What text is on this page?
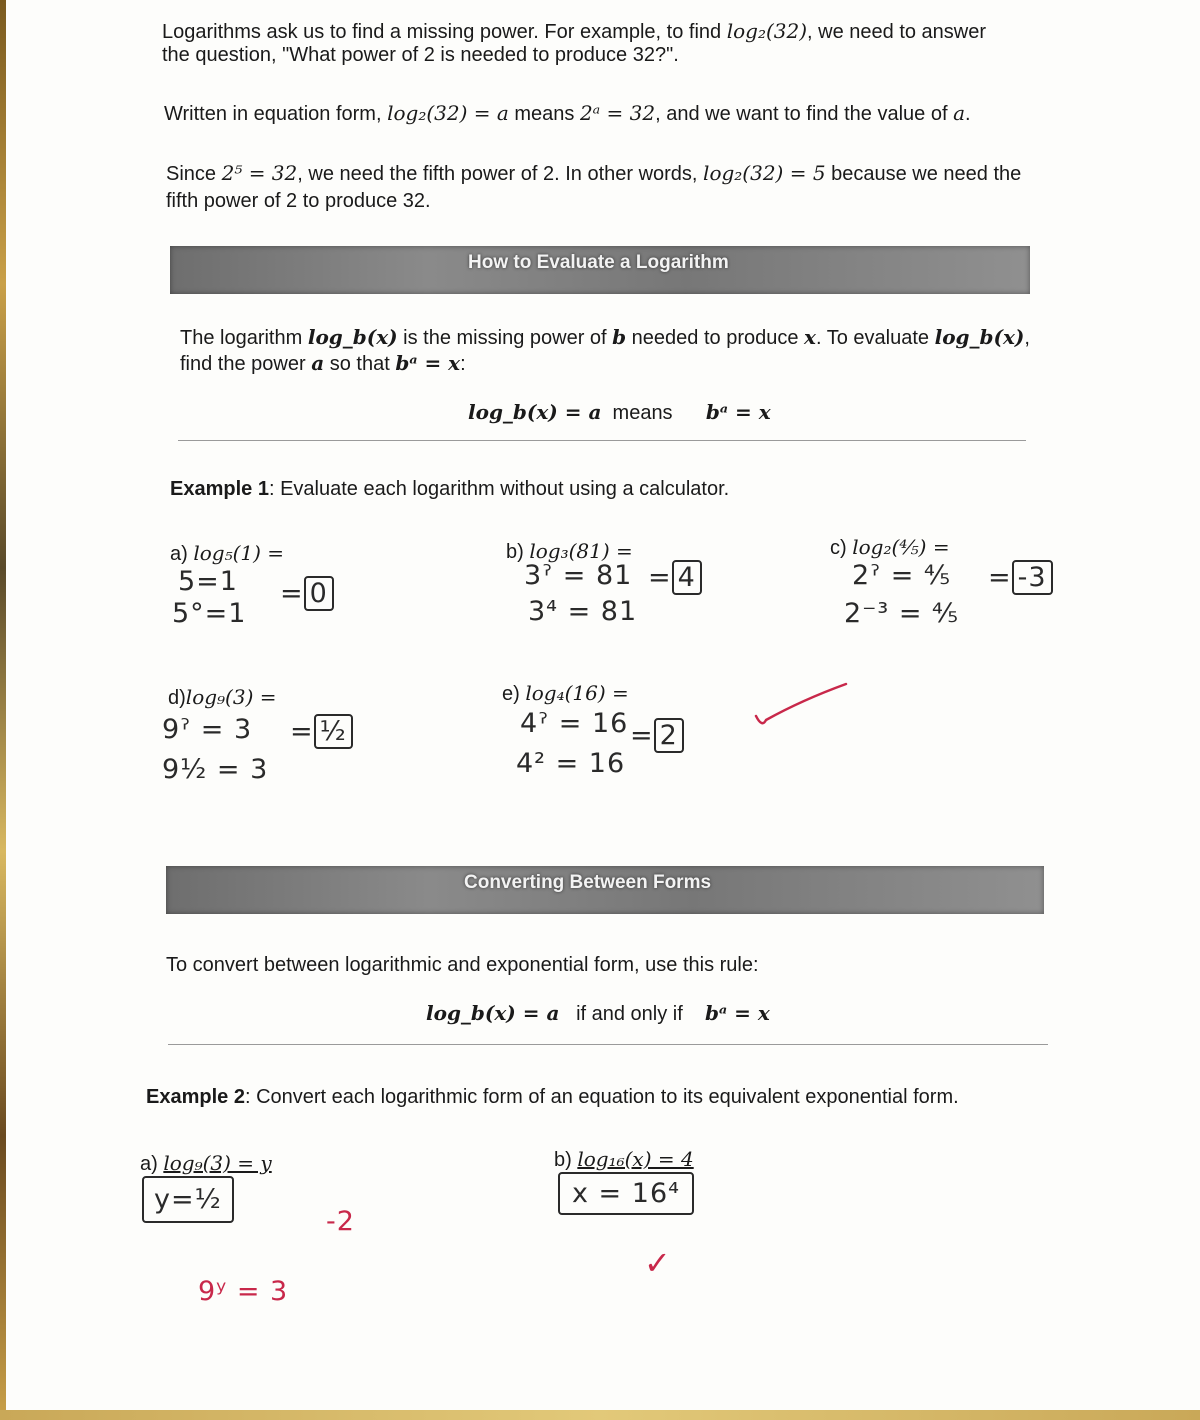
Logarithms ask us to find a missing power. For example, to find log₂(32), we need to answer
the question, "What power of 2 is needed to produce 32?".
Written in equation form, log₂(32) = a means 2ᵃ = 32, and we want to find the value of a.
Since 2⁵ = 32, we need the fifth power of 2. In other words, log₂(32) = 5 because we need the
fifth power of 2 to produce 32.
How to Evaluate a Logarithm
The logarithm log_b(x) is the missing power of b needed to produce x. To evaluate log_b(x),
find the power a so that bᵃ = x:
log_b(x) = a means bᵃ = x
Example 1: Evaluate each logarithm without using a calculator.
a) log₅(1) =
5=1
5°=1
= 0
b) log₃(81) =
3ˀ = 81
3⁴ = 81
= 4
c) log₂(⅘) =
2ˀ = ⅘
2⁻³ = ⅘
= -3
d)log₉(3) =
9ˀ = 3
9½ = 3
= ½
e) log₄(16) =
4ˀ = 16
4² = 16
= 2
Converting Between Forms
To convert between logarithmic and exponential form, use this rule:
log_b(x) = a if and only if bᵃ = x
Example 2: Convert each logarithmic form of an equation to its equivalent exponential form.
a) log₉(3) = y
y=½
-2
9ʸ = 3
b) log₁₆(x) = 4
x = 16⁴
✓
